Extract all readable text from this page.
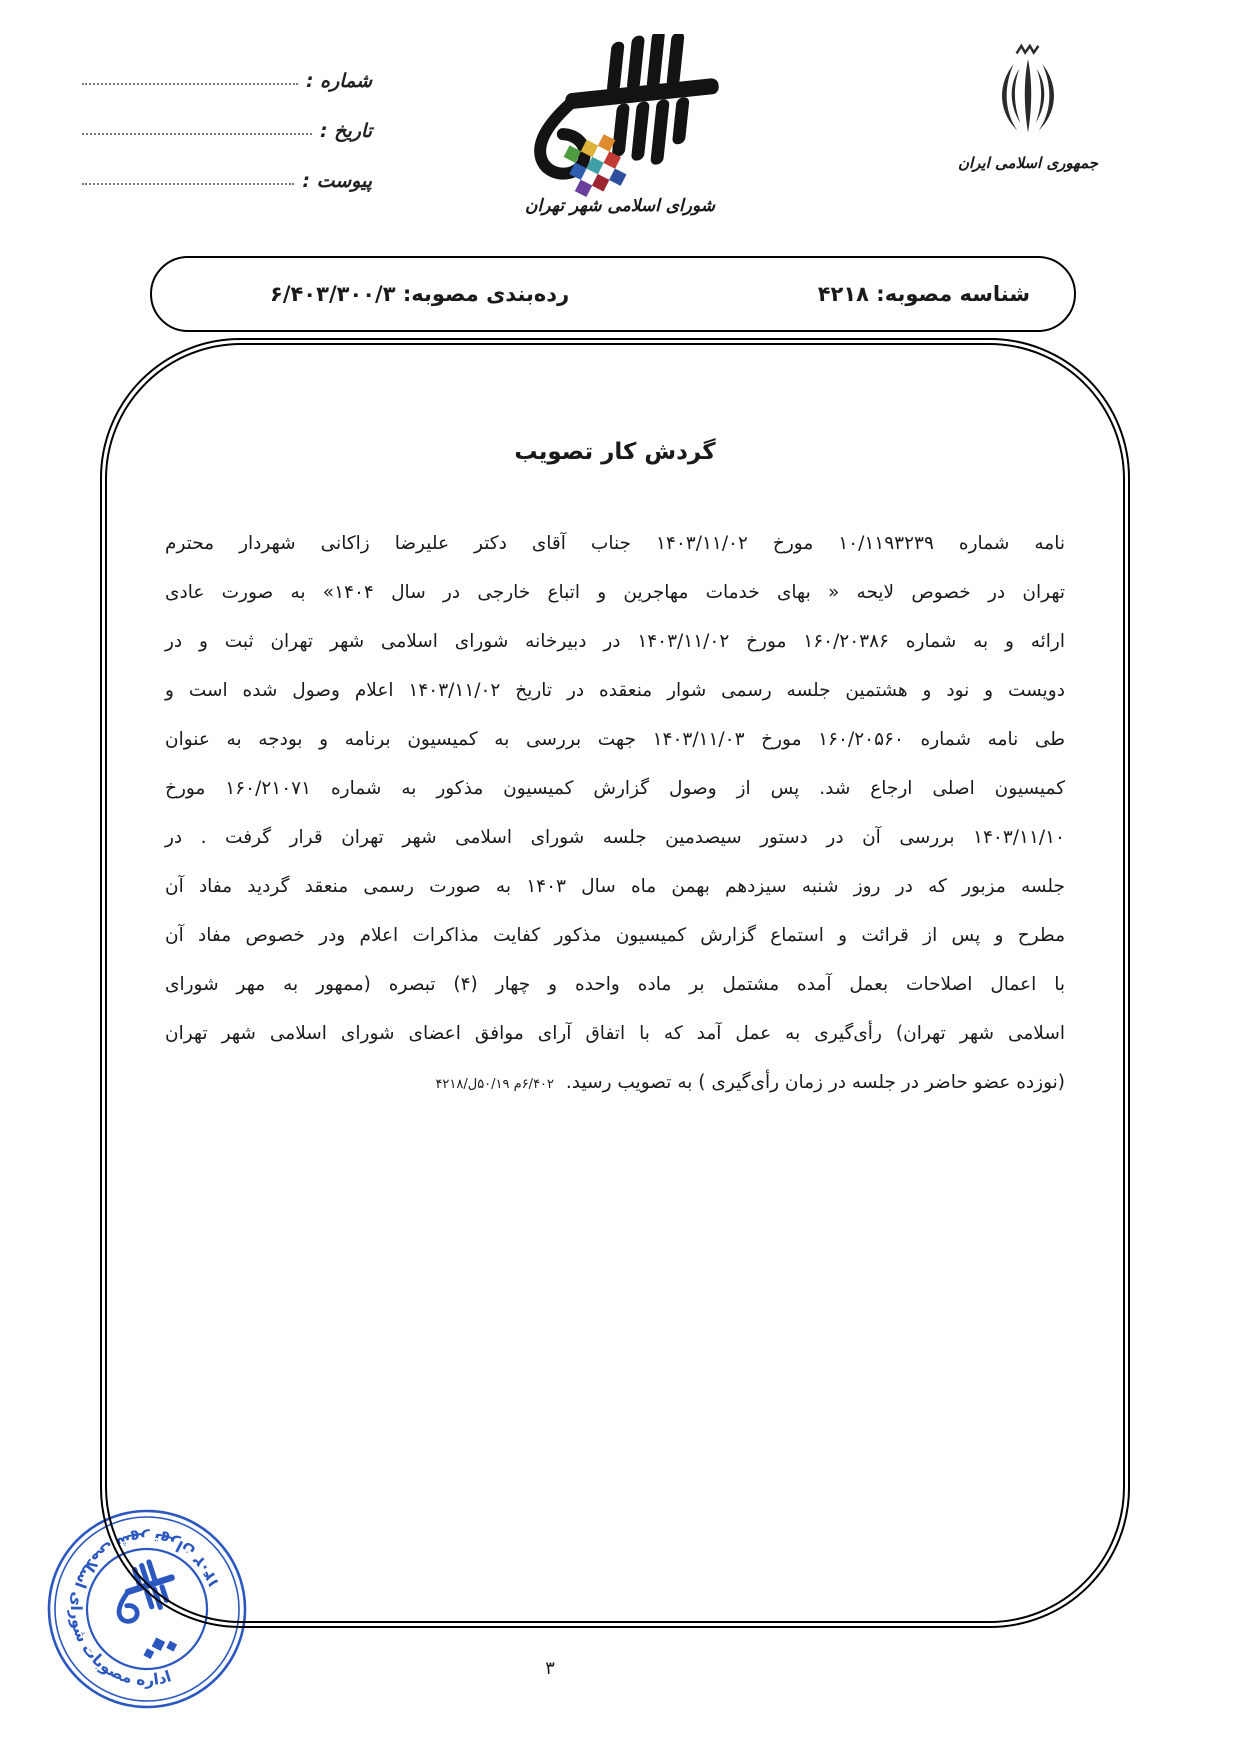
شماره :
تاریخ :
پیوست :
شورای اسلامی شهر تهران
جمهوری اسلامی ایران
شناسه مصوبه: ۴۲۱۸
رده‌بندی مصوبه: ۶/۴۰۳/۳۰۰/۳
اداره مصوبات شورای اسلامی شهر تهران ۱۴۰۲
گردش کار تصویب
نامه شماره ۱۰/۱۱۹۳۲۳۹ مورخ ۱۴۰۳/۱۱/۰۲ جناب آقای دکتر علیرضا زاکانی شهردار محترم
تهران در خصوص لایحه « بهای خدمات مهاجرین و اتباع خارجی در سال ۱۴۰۴» به صورت عادی
ارائه و به شماره ۱۶۰/۲۰۳۸۶ مورخ ۱۴۰۳/۱۱/۰۲ در دبیرخانه شورای اسلامی شهر تهران ثبت و در
دویست و نود و هشتمین جلسه رسمی شوار منعقده در تاریخ ۱۴۰۳/۱۱/۰۲ اعلام وصول شده است و
طی نامه شماره ۱۶۰/۲۰۵۶۰ مورخ ۱۴۰۳/۱۱/۰۳ جهت بررسی به کمیسیون برنامه و بودجه به عنوان
کمیسیون اصلی ارجاع شد. پس از وصول گزارش کمیسیون مذکور به شماره ۱۶۰/۲۱۰۷۱ مورخ
۱۴۰۳/۱۱/۱۰ بررسی آن در دستور سیصدمین جلسه شورای اسلامی شهر تهران قرار گرفت . در
جلسه مزبور که در روز شنبه سیزدهم بهمن ماه سال ۱۴۰۳ به صورت رسمی منعقد گردید مفاد آن
مطرح و پس از قرائت و استماع گزارش کمیسیون مذکور کفایت مذاکرات اعلام ودر خصوص مفاد آن
با اعمال اصلاحات بعمل آمده مشتمل بر ماده واحده و چهار (۴) تبصره (ممهور به مهر شورای
اسلامی شهر تهران) رأی‌گیری به عمل آمد که با اتفاق آرای موافق اعضای شورای اسلامی شهر تهران
(نوزده عضو حاضر در جلسه در زمان رأی‌گیری ) به تصویب رسید. ۶/۴۰۲م ۵۰/۱۹ل/۴۲۱۸
۳
